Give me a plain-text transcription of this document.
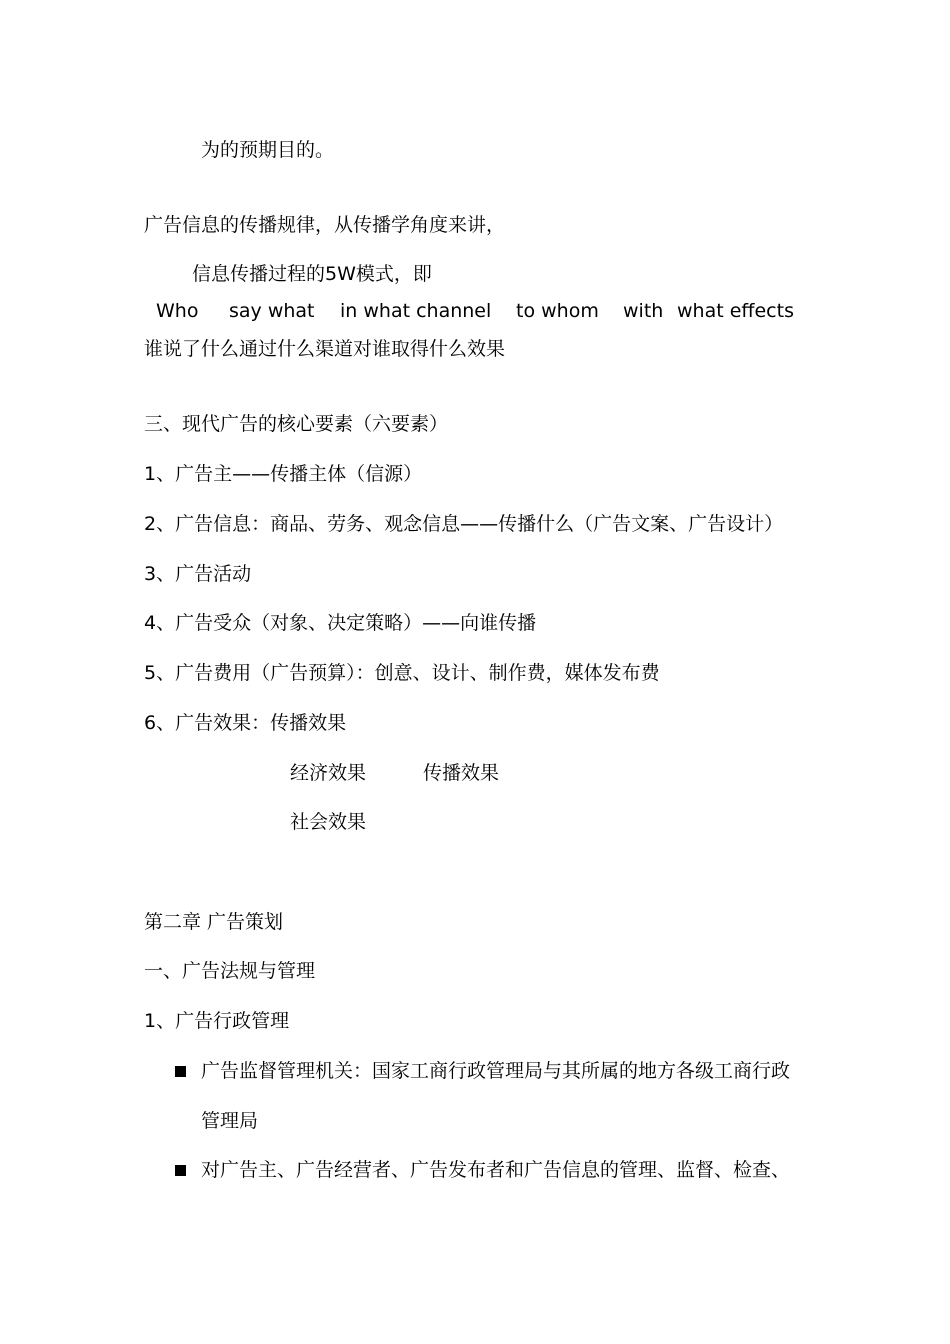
为的预期目的。
广告信息的传播规律，从传播学角度来讲，
信息传播过程的5W模式，即
Who say what in what channel to whom with what effects
谁说了什么通过什么渠道对谁取得什么效果
三、现代广告的核心要素（六要素）
1、广告主——传播主体（信源）
2、广告信息：商品、劳务、观念信息——传播什么（广告文案、广告设计）
3、广告活动
4、广告受众（对象、决定策略）——向谁传播
5、广告费用（广告预算）：创意、设计、制作费，媒体发布费
6、广告效果：传播效果
经济效果	传播效果
社会效果
第二章 广告策划
一、广告法规与管理
1、广告行政管理
广告监督管理机关：国家工商行政管理局与其所属的地方各级工商行政
管理局
对广告主、广告经营者、广告发布者和广告信息的管理、监督、检查、
